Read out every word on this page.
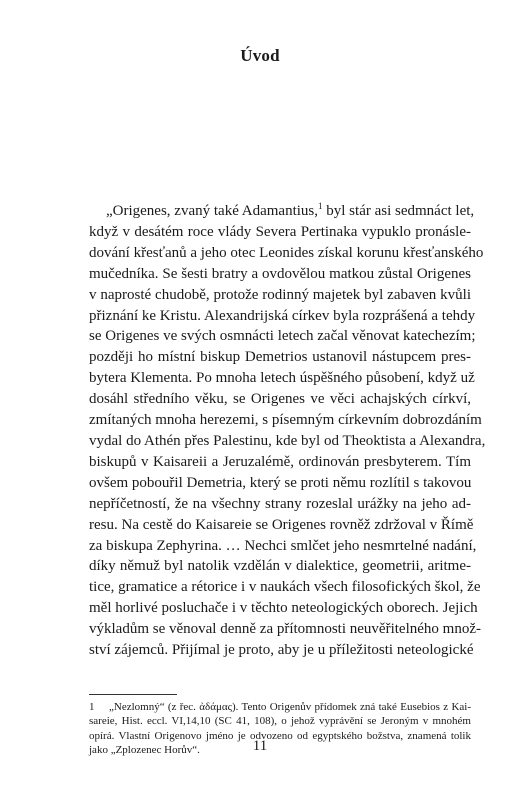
Úvod
„Origenes, zvaný také Adamantius,$^1$ byl stár asi sedmnáct let,
když v desátém roce vlády Severa Pertinaka vypuklo pronásle-
dování křesťanů a jeho otec Leonides získal korunu křesťanského
mučedníka. Se šesti bratry a ovdovělou matkou zůstal Origenes
v naprosté chudobě, protože rodinný majetek byl zabaven kvůli
přiznání ke Kristu. Alexandrijská církev byla rozprášená a tehdy
se Origenes ve svých osmnácti letech začal věnovat katechezím;
později ho místní biskup Demetrios ustanovil nástupcem pres-
bytera Klementa. Po mnoha letech úspěšného působení, když už
dosáhl středního věku, se Origenes ve věci achajských církví,
zmítaných mnoha herezemi, s písemným církevním dobrozdáním
vydal do Athén přes Palestinu, kde byl od Theoktista a Alexandra,
biskupů v Kaisareii a Jeruzalémě, ordinován presbyterem. Tím
ovšem pobouřil Demetria, který se proti němu rozlítil s takovou
nepříčetností, že na všechny strany rozeslal urážky na jeho ad-
resu. Na cestě do Kaisareie se Origenes rovněž zdržoval v Římě
za biskupa Zephyrina. … Nechci smlčet jeho nesmrtelné nadání,
díky němuž byl natolik vzdělán v dialektice, geometrii, aritme-
tice, gramatice a rétorice i v naukách všech filosofických škol, že
měl horlivé posluchače i v těchto neteologických oborech. Jejich
výkladům se věnoval denně za přítomnosti neuvěřitelného množ-
ství zájemců. Přijímal je proto, aby je u příležitosti neteologické
1 „Nezlomný“ (z řec. ἀδάμας). Tento Origenův přídomek zná také Eusebios z Kai-
sareie, Hist. eccl. VI,14,10 (SC 41, 108), o jehož vyprávění se Jeroným v mnohém
opírá. Vlastní Origenovo jméno je odvozeno od egyptského božstva, znamená tolik
jako „Zplozenec Horův“.	11
